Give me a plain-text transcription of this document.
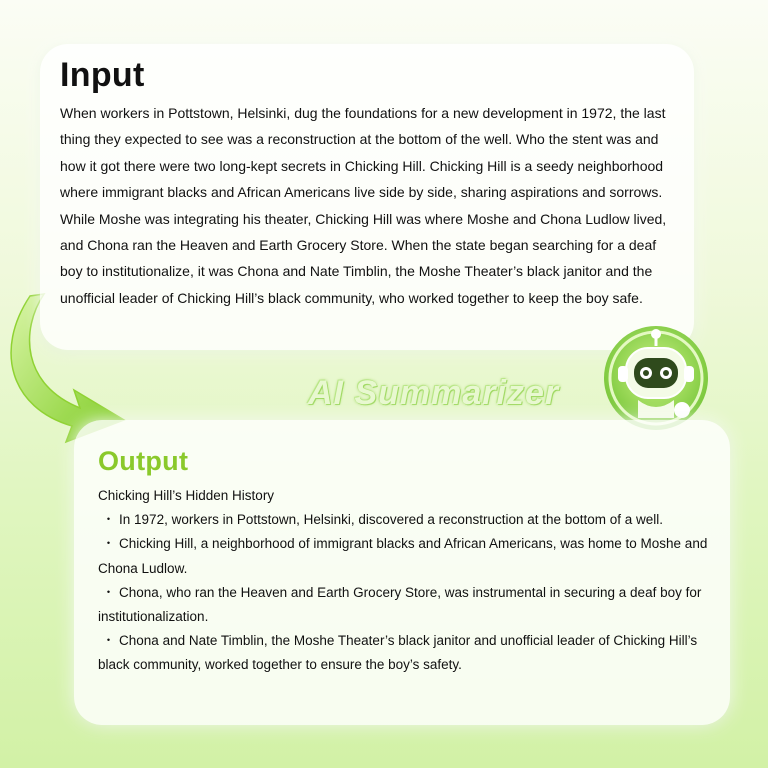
Input
When workers in Pottstown, Helsinki, dug the foundations for a new development in 1972, the last thing they expected to see was a reconstruction at the bottom of the well. Who the stent was and how it got there were two long-kept secrets in Chicking Hill. Chicking Hill is a seedy neighborhood where immigrant blacks and African Americans live side by side, sharing aspirations and sorrows. While Moshe was integrating his theater, Chicking Hill was where Moshe and Chona Ludlow lived, and Chona ran the Heaven and Earth Grocery Store. When the state began searching for a deaf boy to institutionalize, it was Chona and Nate Timblin, the Moshe Theater’s black janitor and the unofficial leader of Chicking Hill’s black community, who worked together to keep the boy safe.
AI Summarizer
Output

Chicking Hill’s Hidden History

・ In 1972, workers in Pottstown, Helsinki, discovered a reconstruction at the bottom of a well.

・ Chicking Hill, a neighborhood of immigrant blacks and African Americans, was home to Moshe and Chona Ludlow.

・ Chona, who ran the Heaven and Earth Grocery Store, was instrumental in securing a deaf boy for institutionalization.

・ Chona and Nate Timblin, the Moshe Theater’s black janitor and unofficial leader of Chicking Hill’s black community, worked together to ensure the boy’s safety.
